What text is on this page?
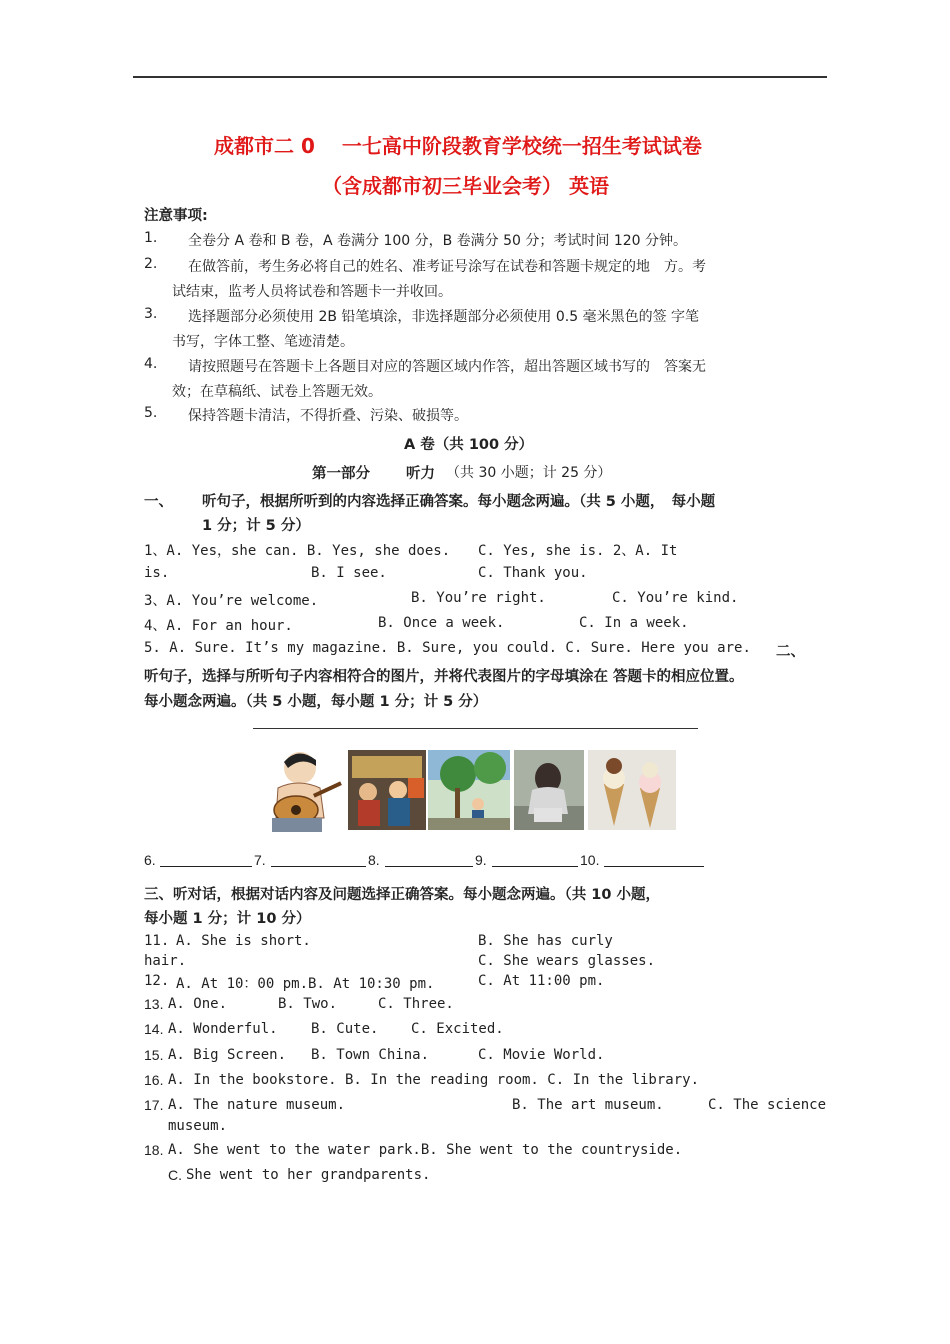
成都市二 0　 一七高中阶段教育学校统一招生考试试卷
（含成都市初三毕业会考） 英语
注意事项:
1. 全卷分 A 卷和 B 卷，A 卷满分 100 分，B 卷满分 50 分；考试时间 120 分钟。
2. 在做答前，考生务必将自己的姓名、准考证号涂写在试卷和答题卡规定的地　方。考
试结束，监考人员将试卷和答题卡一并收回。
3. 选择题部分必须使用 2B 铅笔填涂，非选择题部分必须使用 0.5 毫米黑色的签 字笔
书写，字体工整、笔迹清楚。
4. 请按照题号在答题卡上各题目对应的答题区域内作答，超出答题区域书写的　答案无
效；在草稿纸、试卷上答题无效。
5. 保持答题卡清洁，不得折叠、污染、破损等。
A 卷（共 100 分）
第一部分 听力 （共 30 小题；计 25 分）
一、 听句子，根据所听到的内容选择正确答案。每小题念两遍。（共 5 小题，　每小题
1 分；计 5 分）
1、A. Yes，she can. B. Yes, she does. C. Yes, she is. 2、A. It
is.	B. I see.	C. Thank you.
3、A. You’re welcome.	B. You’re right.	C. You’re kind.
4、A. For an hour.	B. Once a week.	C. In a week.
5. A. Sure. It’s my magazine. B. Sure, you could. C. Sure. Here you are. 二、
听句子，选择与所听句子内容相符合的图片，并将代表图片的字母填涂在 答题卡的相应位置。
每小题念两遍。（共 5 小题，每小题 1 分；计 5 分）
6.	7.	8.	9.	10.
三、听对话，根据对话内容及问题选择正确答案。每小题念两遍。（共 10 小题，
每小题 1 分；计 10 分）
11. A. She is short.	B. She has curly
hair.	C. She wears glasses.
12. A. At 10：00 pm.B. At 10:30 pm.	C. At 11:00 pm.
13. A. One.	B. Two.	C. Three.
14. A. Wonderful. B. Cute. C. Excited.
15. A. Big Screen. B. Town China.	C. Movie World.
16. A. In the bookstore. B. In the reading room. C. In the library.
17. A. The nature museum.	B. The art museum.	C. The science
museum.
18. A. She went to the water park.B. She went to the countryside.
C. She went to her grandparents.
